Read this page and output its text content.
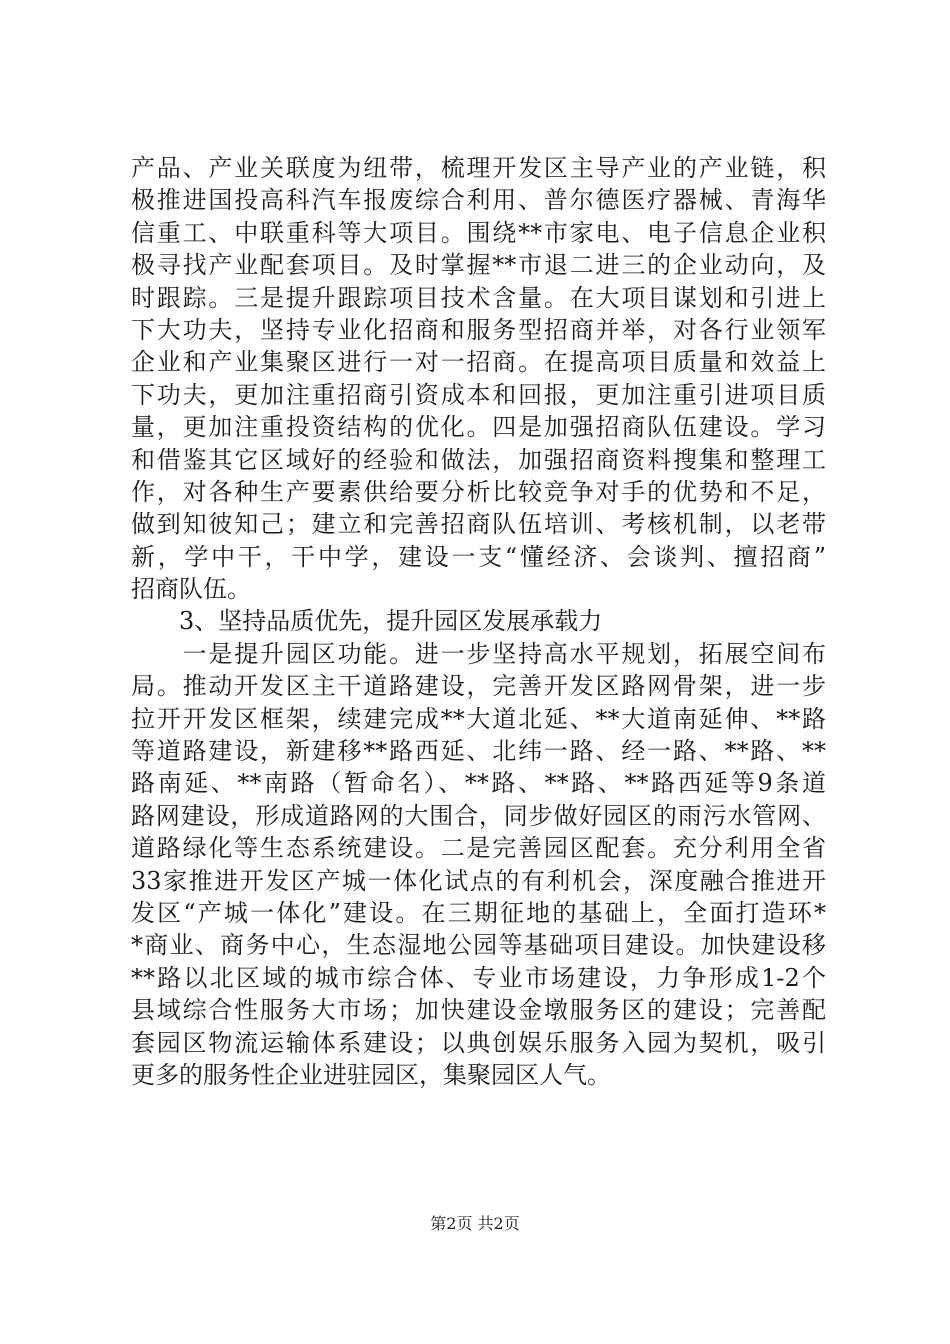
产品、产业关联度为纽带，梳理开发区主导产业的产业链，积
极推进国投高科汽车报废综合利用、普尔德医疗器械、青海华
信重工、中联重科等大项目。围绕**市家电、电子信息企业积
极寻找产业配套项目。及时掌握**市退二进三的企业动向，及
时跟踪。三是提升跟踪项目技术含量。在大项目谋划和引进上
下大功夫，坚持专业化招商和服务型招商并举，对各行业领军
企业和产业集聚区进行一对一招商。在提高项目质量和效益上
下功夫，更加注重招商引资成本和回报，更加注重引进项目质
量，更加注重投资结构的优化。四是加强招商队伍建设。学习
和借鉴其它区域好的经验和做法，加强招商资料搜集和整理工
作，对各种生产要素供给要分析比较竞争对手的优势和不足，
做到知彼知己；建立和完善招商队伍培训、考核机制，以老带
新，学中干，干中学，建设一支“懂经济、会谈判、擅招商”
招商队伍。
3、坚持品质优先，提升园区发展承载力
　　一是提升园区功能。进一步坚持高水平规划，拓展空间布
局。推动开发区主干道路建设，完善开发区路网骨架，进一步
拉开开发区框架，续建完成**大道北延、**大道南延伸、**路
等道路建设，新建移**路西延、北纬一路、经一路、**路、**
路南延、**南路（暂命名）、**路、**路、**路西延等9条道
路网建设，形成道路网的大围合，同步做好园区的雨污水管网、
道路绿化等生态系统建设。二是完善园区配套。充分利用全省
33家推进开发区产城一体化试点的有利机会，深度融合推进开
发区“产城一体化”建设。在三期征地的基础上，全面打造环*
*商业、商务中心，生态湿地公园等基础项目建设。加快建设移
**路以北区域的城市综合体、专业市场建设，力争形成1-2个
县域综合性服务大市场；加快建设金墩服务区的建设；完善配
套园区物流运输体系建设；以典创娱乐服务入园为契机，吸引
更多的服务性企业进驻园区，集聚园区人气。
第2页 共2页
